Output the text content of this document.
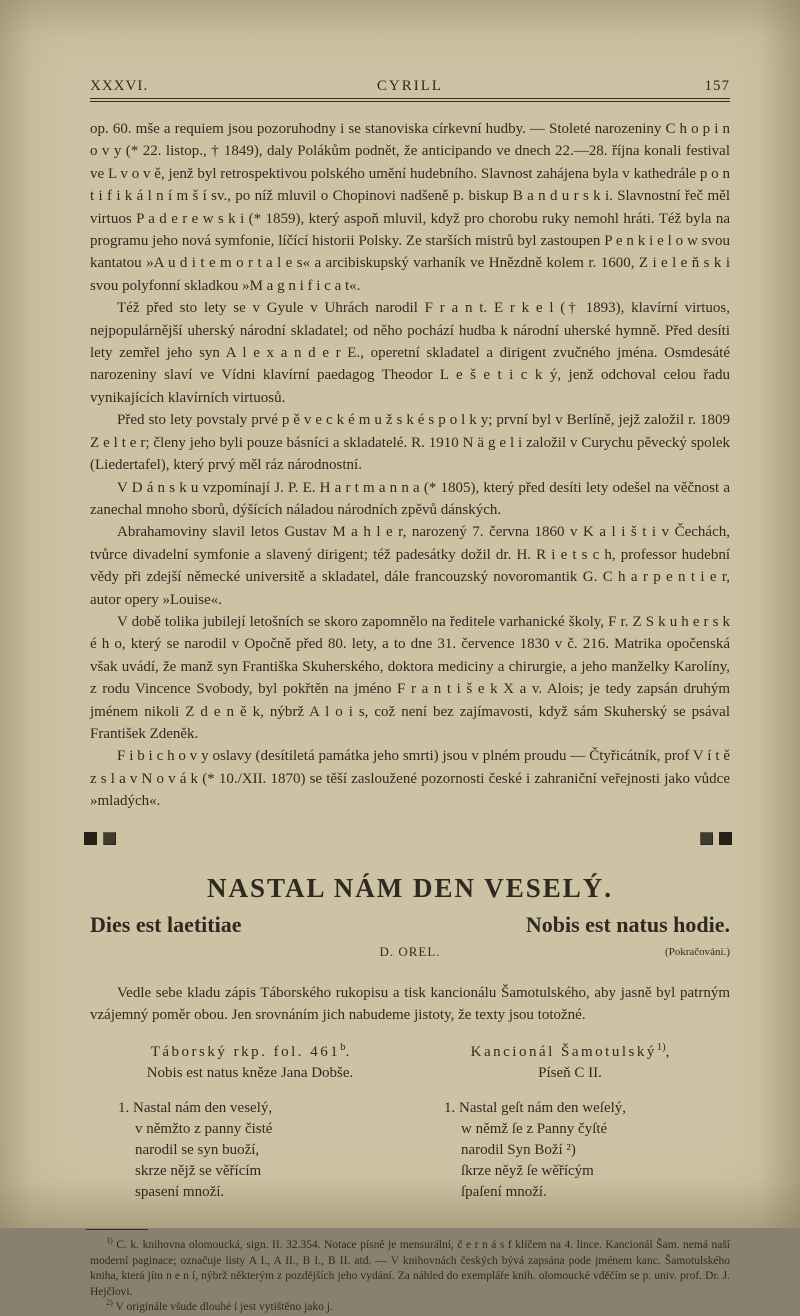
XXXVI.	CYRILL	157

op. 60. mše a requiem jsou pozoruhodny i se stanoviska církevní hudby. — Stoleté narozeniny C h o p i n o v y (* 22. listop., † 1849), daly Polákům podnět, že anticipando ve dnech 22.—28. října konali festival ve L v o v ě, jenž byl retrospektivou polského umění hudebního. Slavnost zahájena byla v kathedrále p o n t i f i k á l n í m š í sv., po níž mluvil o Chopinovi nadšeně p. biskup B a n d u r s k i. Slavnostní řeč měl virtuos P a d e r e w s k i (* 1859), který aspoň mluvil, když pro chorobu ruky nemohl hráti. Též byla na programu jeho nová symfonie, líčící historii Polsky. Ze starších mistrů byl zastoupen P e n k i e l o w svou kantatou »A u d i t e m o r t a l e s« a arcibiskupský varhaník ve Hnězdně kolem r. 1600, Z i e l e ň s k i svou polyfonní skladkou »M a g n i f i c a t«.

Též před sto lety se v Gyule v Uhrách narodil F r a n t. E r k e l († 1893), klavírní virtuos, nejpopulárnější uherský národní skladatel; od něho pochází hudba k národní uherské hymně. Před desíti lety zemřel jeho syn A l e x a n d e r E., operetní skladatel a dirigent zvučného jména. Osmdesáté narozeniny slaví ve Vídni klavírní paedagog Theodor L e š e t i c k ý, jenž odchoval celou řadu vynikajících klavírních virtuosů.

Před sto lety povstaly prvé p ě v e c k é m u ž s k é s p o l k y; první byl v Berlíně, jejž založil r. 1809 Z e l t e r; členy jeho byli pouze básníci a skladatelé. R. 1910 N ä g e l i založil v Curychu pěvecký spolek (Liedertafel), který prvý měl ráz národnostní.

V D á n s k u vzpomínají J. P. E. H a r t m a n n a (* 1805), který před desíti lety odešel na věčnost a zanechal mnoho sborů, dýšících náladou národních zpěvů dánských.

Abrahamoviny slavil letos Gustav M a h l e r, narozený 7. června 1860 v K a l i š t i v Čechách, tvůrce divadelní symfonie a slavený dirigent; též padesátky dožil dr. H. R i e t s c h, professor hudební vědy při zdejší německé universitě a skladatel, dále francouzský novoromantik G. C h a r p e n t i e r, autor opery »Louise«.

V době tolika jubilejí letošních se skoro zapomnělo na ředitele varhanické školy, F r. Z S k u h e r s k é h o, který se narodil v Opočně před 80. lety, a to dne 31. července 1830 v č. 216. Matrika opočenská však uvádí, že manž syn Františka Skuherského, doktora mediciny a chirurgie, a jeho manželky Karolíny, z rodu Vincence Svobody, byl pokřtěn na jméno F r a n t i š e k X a v. Alois; je tedy zapsán druhým jménem nikoli Z d e n ě k, nýbrž A l o i s, což není bez zajímavosti, když sám Skuherský se psával František Zdeněk.

F i b i c h o v y oslavy (desítiletá památka jeho smrti) jsou v plném proudu — Čtyřicátník, prof V í t ě z s l a v N o v á k (* 10./XII. 1870) se těší zasloužené pozornosti české i zahraniční veřejnosti jako vůdce »mladých«.

NASTAL NÁM DEN VESELÝ.
Dies est laetitiae	Nobis est natus hodie.
D. OREL.	(Pokračování.)

Vedle sebe kladu zápis Táborského rukopisu a tisk kancionálu Šamotulského, aby jasně byl patrným vzájemný poměr obou. Jen srovnáním jich nabudeme jistoty, že texty jsou totožné.

Táborský rkp. fol. 461$^b$.
Nobis est natus kněze Jana Dobše.
1. Nastal nám den veselý,
v němžto z panny čisté
narodil se syn buoží,
skrze nějž se věřícím
spasení množí.
Kancionál Šamotulský$^{1)}$,
Píseň C II.
1. Nastal geſt nám den weſelý,
w němž ſe z Panny čyſté
narodil Syn Boží ²)
ſkrze něyž ſe wěřícým
ſpaſení množí.

$^{1)}$ C. k. knihovna olomoucká, sign. II. 32.354. Notace písně je mensurální, č e r n á s f klíčem na 4. lince. Kancionál Šam. nemá naší moderní paginace; označuje listy A I., A II., B I., B II. atd. — V knihovnách českých bývá zapsána pode jménem kanc. Šamotulského kniha, která jím n e n í, nýbrž některým z pozdějších jeho vydání. Za náhled do exempláře knih. olomoucké vděčím se p. univ. prof. Dr. J. Hejčlovi.

$^{2)}$ V originále všude dlouhé í jest vytištěno jako j.
